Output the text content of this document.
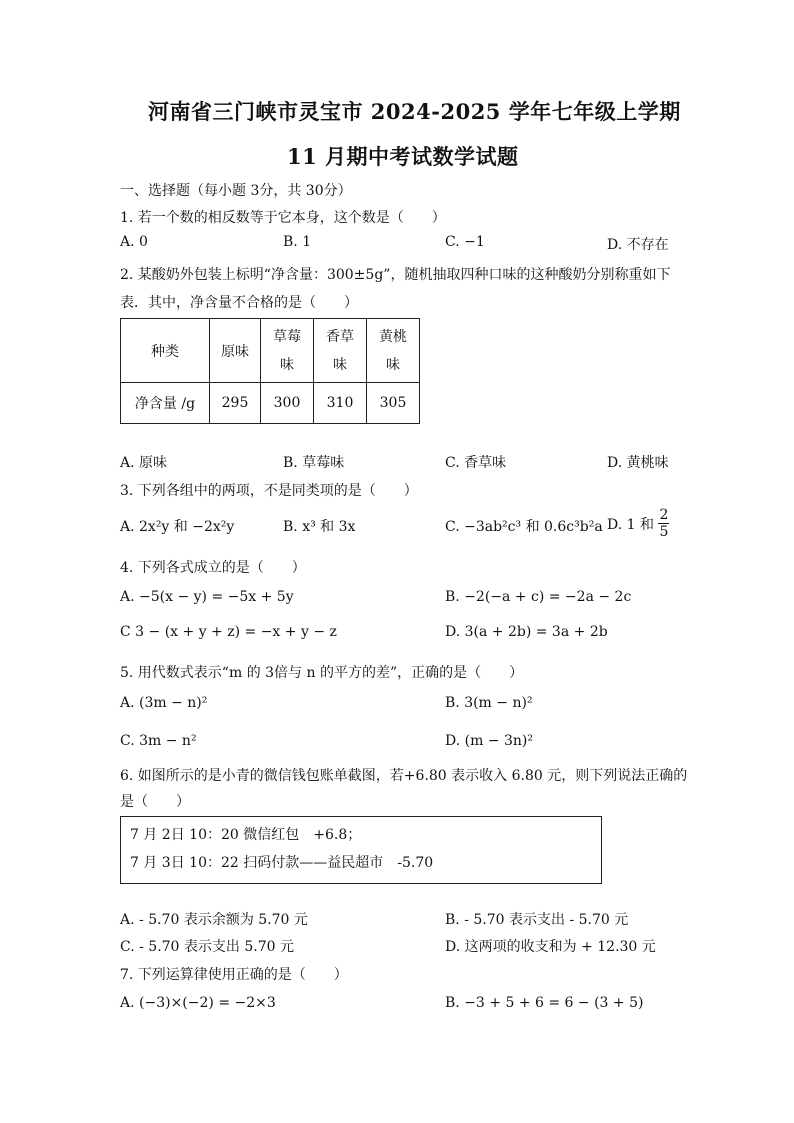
河南省三门峡市灵宝市 2024-2025 学年七年级上学期
11 月期中考试数学试题
一、选择题（每小题 3分，共 30分）
1. 若一个数的相反数等于它本身，这个数是（　　）
A. 0	B. 1	C. −1	D. 不存在
2. 某酸奶外包装上标明“净含量：300±5g”，随机抽取四种口味的这种酸奶分别称重如下
表．其中，净含量不合格的是（　　）
种类	原味	草莓味	香草味	黄桃味
净含量 /g	295	300	310	305
A. 原味	B. 草莓味	C. 香草味	D. 黄桃味
3. 下列各组中的两项，不是同类项的是（　　）
A. 2x²y 和 −2x²y	B. x³ 和 3x	C. −3ab²c³ 和 0.6c³b²a D. 1 和 $\frac{2}{5}$
4. 下列各式成立的是（　　）
A. −5(x − y) = −5x + 5y	B. −2(−a + c) = −2a − 2c
C 3 − (x + y + z) = −x + y − z	D. 3(a + 2b) = 3a + 2b
5. 用代数式表示“m 的 3倍与 n 的平方的差”，正确的是（　　）
A. (3m − n)²	B. 3(m − n)²
C. 3m − n²	D. (m − 3n)²
6. 如图所示的是小青的微信钱包账单截图，若+6.80 表示收入 6.80 元，则下列说法正确的
是（　　）
7 月 2日 10：20 微信红包　+6.8；
7 月 3日 10：22 扫码付款——益民超市　-5.70
A. - 5.70 表示余额为 5.70 元	B. - 5.70 表示支出 - 5.70 元
C. - 5.70 表示支出 5.70 元	D. 这两项的收支和为 + 12.30 元
7. 下列运算律使用正确的是（　　）
A. (−3)×(−2) = −2×3	B. −3 + 5 + 6 = 6 − (3 + 5)
